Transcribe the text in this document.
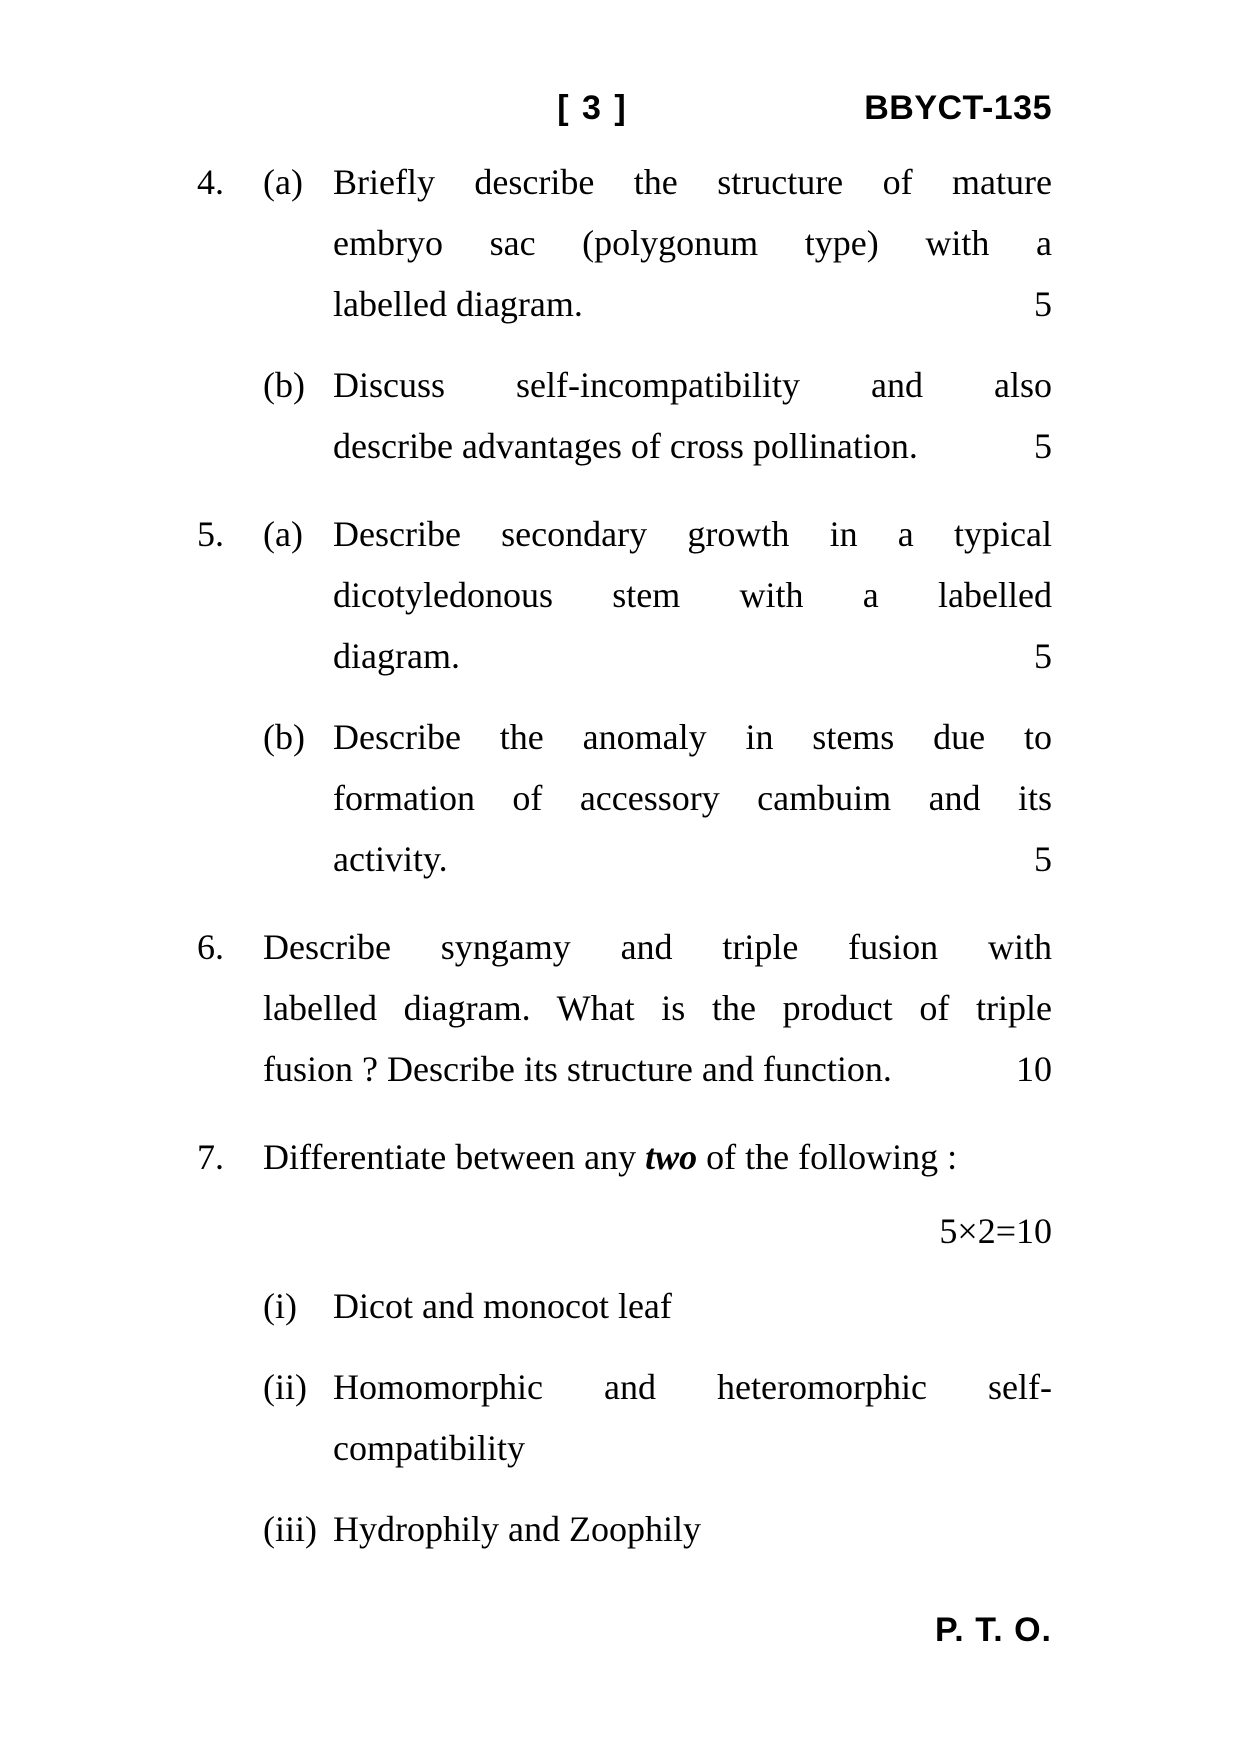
[ 3 ]	BBYCT-135
4.	(a) Briefly describe the structure of mature
embryo sac (polygonum type) with a
labelled diagram.	5
(b) Discuss self-incompatibility and also
describe advantages of cross pollination.	5
5.	(a) Describe secondary growth in a typical
dicotyledonous stem with a labelled
diagram.	5
(b) Describe the anomaly in stems due to
formation of accessory cambuim and its
activity.	5
6.	Describe syngamy and triple fusion with
labelled diagram. What is the product of triple
fusion ? Describe its structure and function.	10
7.	Differentiate between any two of the following :
5×2=10
(i)	Dicot and monocot leaf
(ii) Homomorphic and heteromorphic self-
compatibility
(iii) Hydrophily and Zoophily
P. T. O.
